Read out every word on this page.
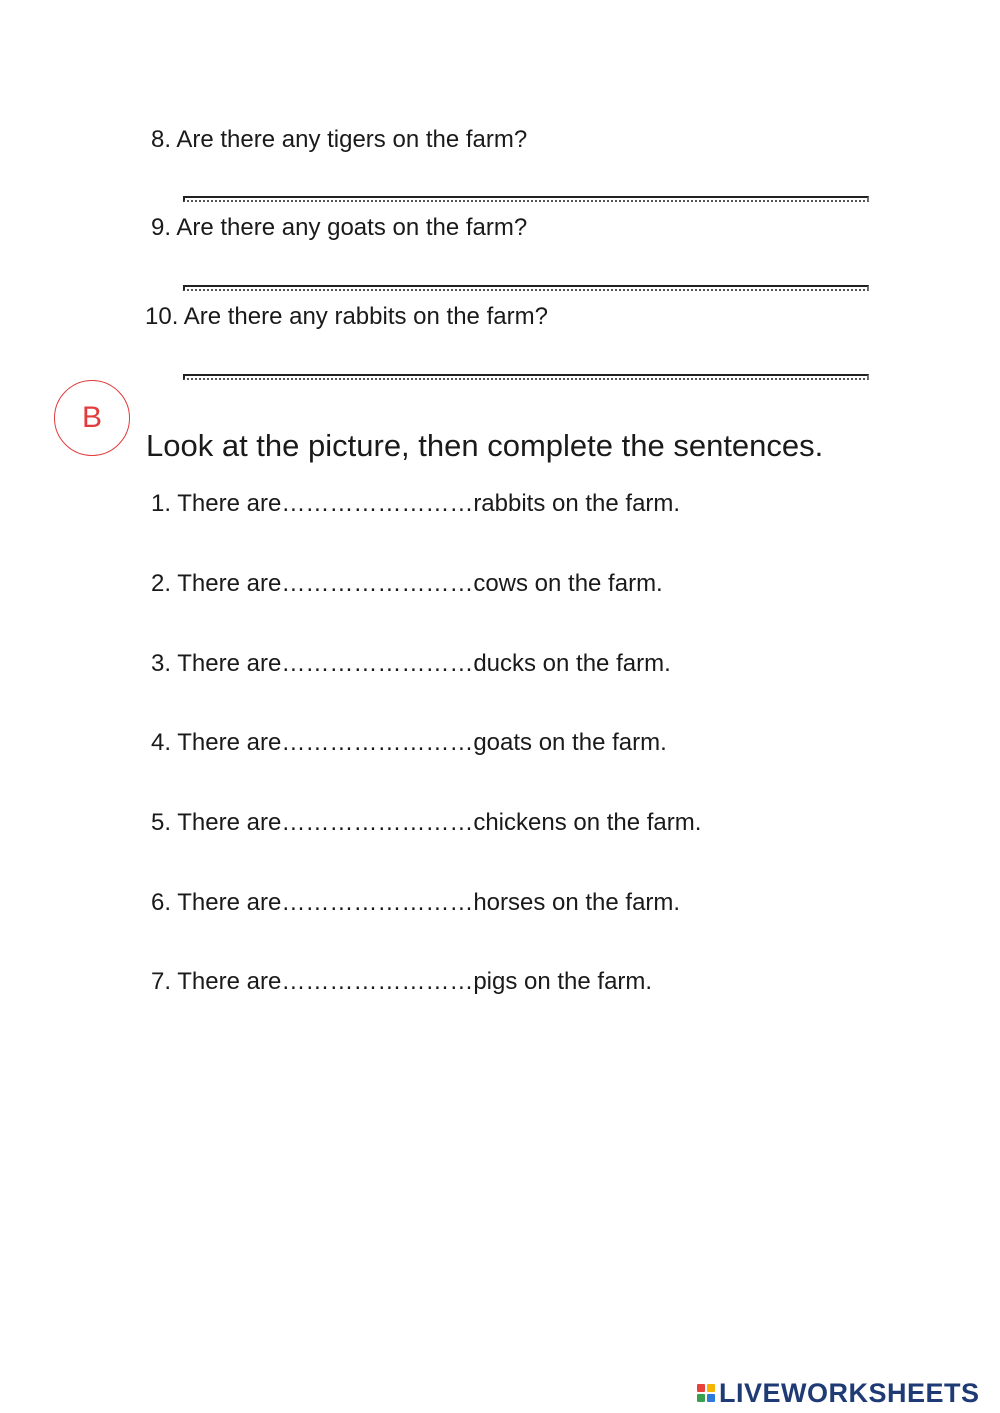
8. Are there any tigers on the farm?
9. Are there any goats on the farm?
10. Are there any rabbits on the farm?
B
Look at the picture, then complete the sentences.
1. There are……………………rabbits on the farm.
2. There are……………………cows on the farm.
3. There are……………………ducks on the farm.
4. There are……………………goats on the farm.
5. There are……………………chickens on the farm.
6. There are……………………horses on the farm.
7. There are……………………pigs on the farm.
LIVEWORKSHEETS
